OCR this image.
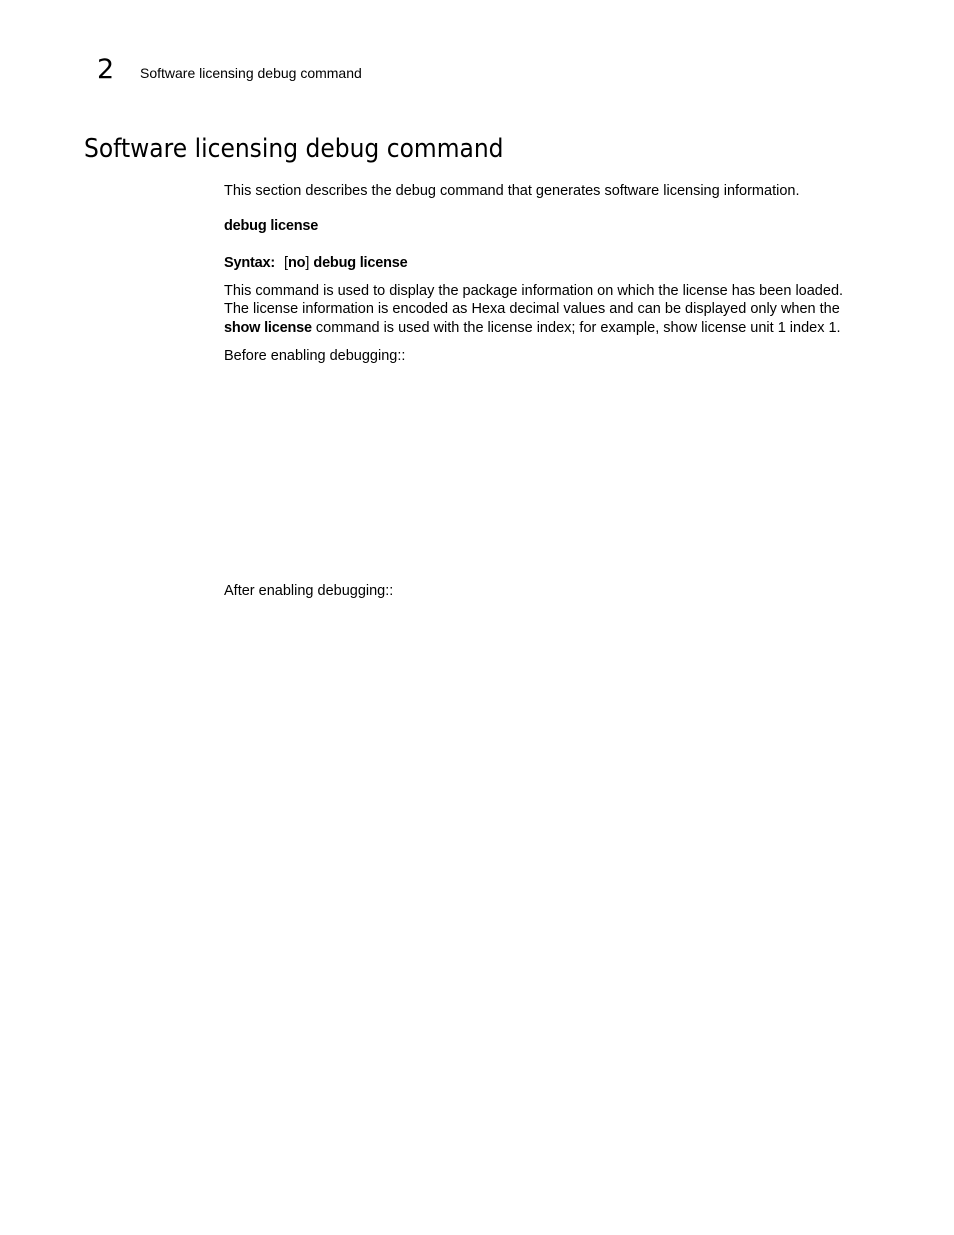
2	Software licensing debug command
Software licensing debug command

This section describes the debug command that generates software licensing information.

debug license

Syntax: [no] debug license

This command is used to display the package information on which the license has been loaded.

The license information is encoded as Hexa decimal values and can be displayed only when the

show license command is used with the license index; for example, show license unit 1 index 1.

Before enabling debugging::

After enabling debugging::
